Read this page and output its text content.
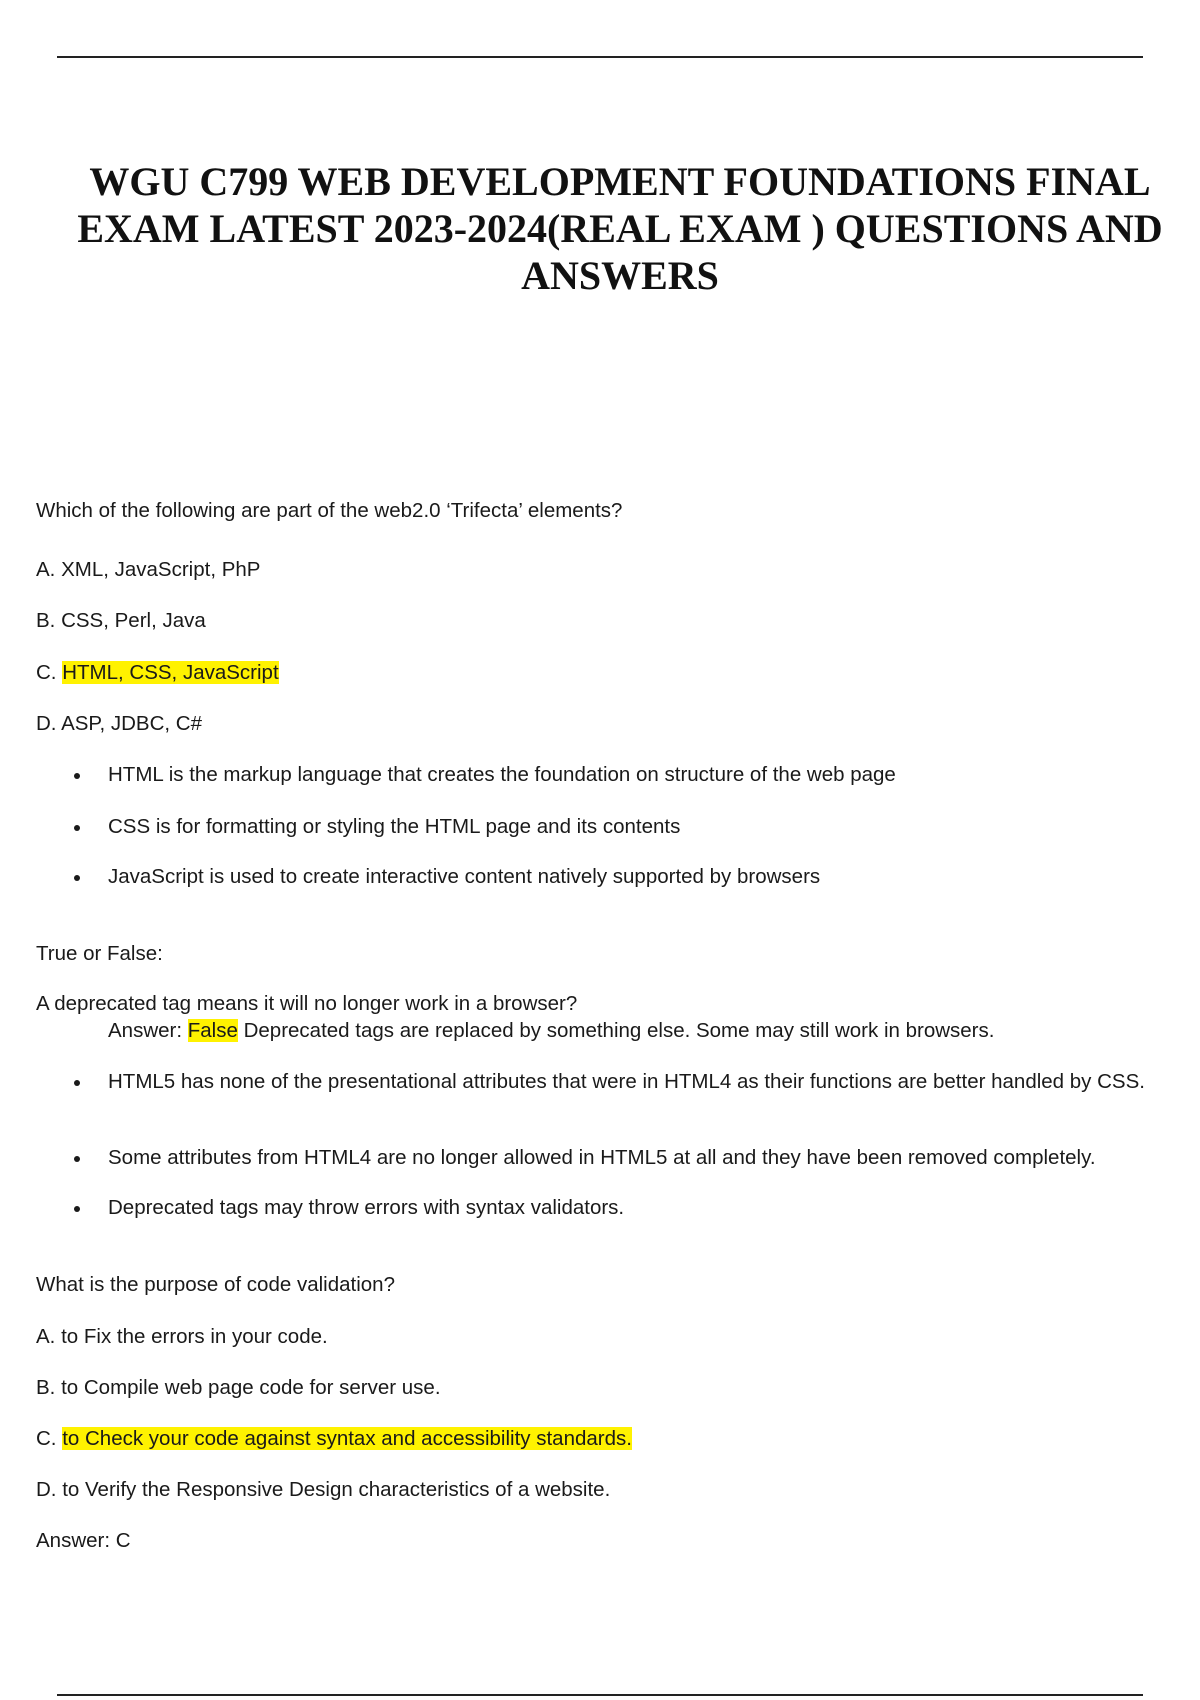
WGU C799 WEB DEVELOPMENT FOUNDATIONS FINAL EXAM LATEST 2023-2024(REAL EXAM ) QUESTIONS AND ANSWERS

Which of the following are part of the web2.0 ‘Trifecta’ elements?

A. XML, JavaScript, PhP

B. CSS, Perl, Java

C. HTML, CSS, JavaScript

D. ASP, JDBC, C#

HTML is the markup language that creates the foundation on structure of the web page

CSS is for formatting or styling the HTML page and its contents

JavaScript is used to create interactive content natively supported by browsers

True or False:

A deprecated tag means it will no longer work in a browser?

Answer: False Deprecated tags are replaced by something else. Some may still work in browsers.

HTML5 has none of the presentational attributes that were in HTML4 as their functions are better handled by CSS.

Some attributes from HTML4 are no longer allowed in HTML5 at all and they have been removed completely.

Deprecated tags may throw errors with syntax validators.

What is the purpose of code validation?

A. to Fix the errors in your code.

B. to Compile web page code for server use.

C. to Check your code against syntax and accessibility standards.

D. to Verify the Responsive Design characteristics of a website.

Answer: C
